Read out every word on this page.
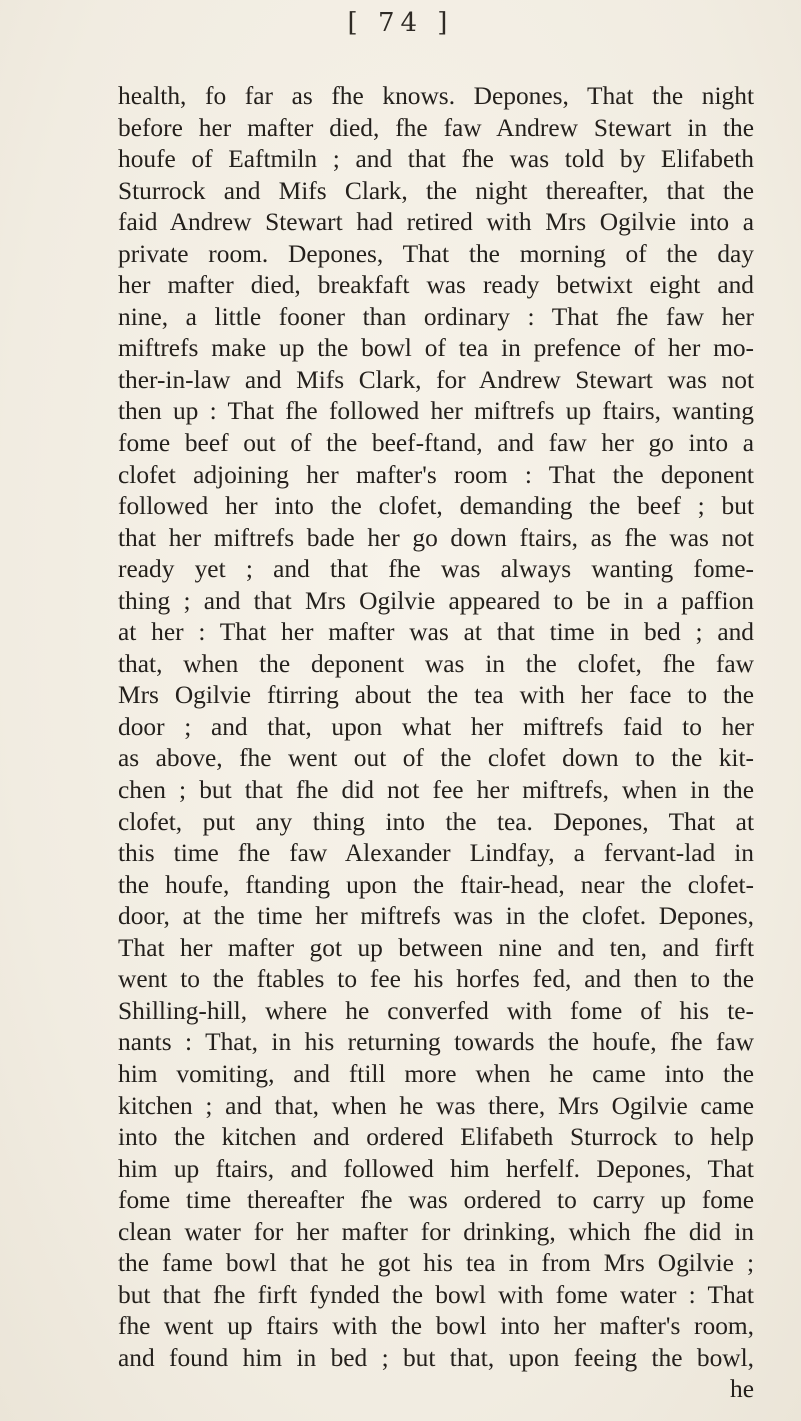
[ 74 ]
health, fo far as fhe knows. Depones, That the night
before her mafter died, fhe faw Andrew Stewart in the
houfe of Eaftmiln ; and that fhe was told by Elifabeth
Sturrock and Mifs Clark, the night thereafter, that the
faid Andrew Stewart had retired with Mrs Ogilvie into a
private room. Depones, That the morning of the day
her mafter died, breakfaft was ready betwixt eight and
nine, a little fooner than ordinary : That fhe faw her
miftrefs make up the bowl of tea in prefence of her mo-
ther-in-law and Mifs Clark, for Andrew Stewart was not
then up : That fhe followed her miftrefs up ftairs, wanting
fome beef out of the beef-ftand, and faw her go into a
clofet adjoining her mafter's room : That the deponent
followed her into the clofet, demanding the beef ; but
that her miftrefs bade her go down ftairs, as fhe was not
ready yet ; and that fhe was always wanting fome-
thing ; and that Mrs Ogilvie appeared to be in a paffion
at her : That her mafter was at that time in bed ; and
that, when the deponent was in the clofet, fhe faw
Mrs Ogilvie ftirring about the tea with her face to the
door ; and that, upon what her miftrefs faid to her
as above, fhe went out of the clofet down to the kit-
chen ; but that fhe did not fee her miftrefs, when in the
clofet, put any thing into the tea. Depones, That at
this time fhe faw Alexander Lindfay, a fervant-lad in
the houfe, ftanding upon the ftair-head, near the clofet-
door, at the time her miftrefs was in the clofet. Depones,
That her mafter got up between nine and ten, and firft
went to the ftables to fee his horfes fed, and then to the
Shilling-hill, where he converfed with fome of his te-
nants : That, in his returning towards the houfe, fhe faw
him vomiting, and ftill more when he came into the
kitchen ; and that, when he was there, Mrs Ogilvie came
into the kitchen and ordered Elifabeth Sturrock to help
him up ftairs, and followed him herfelf. Depones, That
fome time thereafter fhe was ordered to carry up fome
clean water for her mafter for drinking, which fhe did in
the fame bowl that he got his tea in from Mrs Ogilvie ;
but that fhe firft fynded the bowl with fome water : That
fhe went up ftairs with the bowl into her mafter's room,
and found him in bed ; but that, upon feeing the bowl,
he
